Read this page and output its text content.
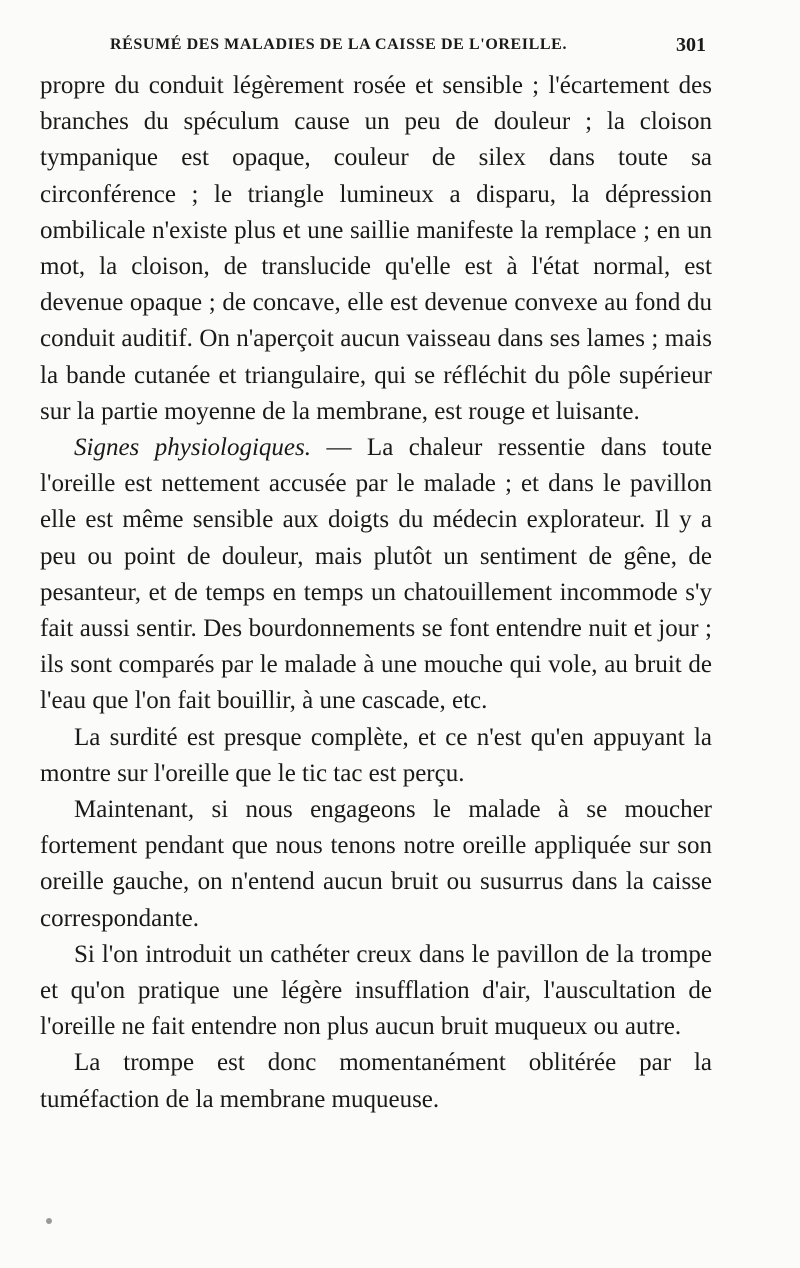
RÉSUMÉ DES MALADIES DE LA CAISSE DE L'OREILLE.	301

propre du conduit légèrement rosée et sensible ; l'écartement des branches du spéculum cause un peu de douleur ; la cloison tympanique est opaque, couleur de silex dans toute sa circonférence ; le triangle lumineux a disparu, la dépression ombilicale n'existe plus et une saillie manifeste la remplace ; en un mot, la cloison, de translucide qu'elle est à l'état normal, est devenue opaque ; de concave, elle est devenue convexe au fond du conduit auditif. On n'aperçoit aucun vaisseau dans ses lames ; mais la bande cutanée et triangulaire, qui se réfléchit du pôle supérieur sur la partie moyenne de la membrane, est rouge et luisante.

Signes physiologiques. — La chaleur ressentie dans toute l'oreille est nettement accusée par le malade ; et dans le pavillon elle est même sensible aux doigts du médecin explorateur. Il y a peu ou point de douleur, mais plutôt un sentiment de gêne, de pesanteur, et de temps en temps un chatouillement incommode s'y fait aussi sentir. Des bourdonnements se font entendre nuit et jour ; ils sont comparés par le malade à une mouche qui vole, au bruit de l'eau que l'on fait bouillir, à une cascade, etc.

La surdité est presque complète, et ce n'est qu'en appuyant la montre sur l'oreille que le tic tac est perçu.

Maintenant, si nous engageons le malade à se moucher fortement pendant que nous tenons notre oreille appliquée sur son oreille gauche, on n'entend aucun bruit ou susurrus dans la caisse correspondante.

Si l'on introduit un cathéter creux dans le pavillon de la trompe et qu'on pratique une légère insufflation d'air, l'auscultation de l'oreille ne fait entendre non plus aucun bruit muqueux ou autre.

La trompe est donc momentanément oblitérée par la tuméfaction de la membrane muqueuse.
